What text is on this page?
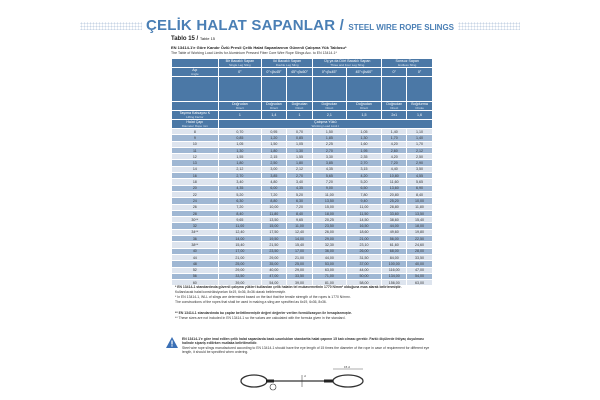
ÇELİK HALAT SAPANLAR / STEEL WIRE ROPE SLINGS
Tablo 15 / Table 15
EN 13414-1'e Göre Kandır Özlü Presli Çelik Halat Sapanlarının Güvenli Çalışma Yük Tablosu*
The Table of Working Load Limits for Aluminium Pressed Fiber Core Wire Rope Slings Acc. to EN 13414-1*
	Bir Bacaklı Sapan
Single Leg Sling	İki Bacaklı Sapan
Double Leg Sling		Üç ya da Dört Bacaklı Sapan
Three and Four Leg Sling		Sonsuz Sapan
Endless Sling	

Açı
Angle	0°	0°<β≤45°	45°<β≤60°	0°<β≤45°	45°<β≤60°	0°	0°

	Doğrudan
Direct	Doğrudan
Direct	Doğrudan
Direct	Doğrudan
Direct	Doğrudan
Direct	Doğrudan
Direct	Boğdurma
Choke

Taşıma Katsayısı K
Lifting Factor	1	1,4	1	2,1	1,5	2x1	1,6
Halat Çapı
Diameter Rope mm	Çalışma Yükü
Working Load Limit t						

8	0,70	0,95	0,70	1,50	1,05	1,40	1,10
9	0,85	1,20	0,85	1,85	1,30	1,70	1,40
10	1,05	1,50	1,05	2,25	1,60	4,20	1,70
11	1,30	1,80	1,30	2,70	1,95	2,60	2,12
12	1,55	2,15	1,55	3,30	2,35	4,20	2,50
13	1,80	2,50	1,80	3,85	2,70	7,20	2,90
14	2,12	3,00	2,12	4,35	3,15	4,40	3,50
16	2,70	3,85	2,70	5,65	4,20	10,80	4,55
18	3,40	4,80	3,40	7,20	5,20	11,60	5,65
20	4,35	6,00	4,35	9,00	6,50	13,60	6,90
22	5,20	7,20	5,20	11,00	7,80	20,80	8,40
24	6,30	8,80	6,30	13,50	9,40	25,20	10,00
26	7,20	10,00	7,20	15,00	11,00	28,80	11,80
28	8,40	11,80	8,40	18,00	11,50	33,60	13,50
30**	9,65	13,50	9,65	20,25	14,50	38,60	15,40
32	11,00	15,00	11,00	23,50	16,50	44,00	18,00
34**	12,40	17,50	12,40	26,00	18,60	49,60	19,80
36	14,00	19,50	14,00	29,00	21,00	56,00	22,50
38**	15,40	21,50	15,40	32,30	23,10	61,60	24,60
40	17,00	23,50	17,00	36,00	26,00	68,00	28,00
44	21,00	29,00	21,00	44,00	31,50	84,00	33,50
48	25,00	35,00	25,00	53,00	37,00	100,00	40,00
52	29,00	40,00	29,00	63,00	44,00	116,00	47,00
56	33,50	47,00	33,50	71,00	50,00	134,00	54,00
60	39,00	54,00	39,00	81,00	58,00	156,00	63,00
* EN 13414-1 standardında güvenli çalışma yükleri kullanılan çelik halatın tel mukavemetinin 1770 N/mm² olduğuna esas alarak belirlenmiştir.
Kullanılacak halat konstrüksiyonları 6x19, 6x36, 8x36 olarak belirlenmiştir.
* In EN 13414-1, WLL of slings are determined based on the fact that the tensile strength of the ropes is 1770 N/mm².
The constructions of the ropes that shall be used in making a sling are specified as 6x19, 6x36, 8x36.
** EN 13414-1 standardında bu çaplar belirtilmemiştir değeri değerler verilen formülizasyon ile hesaplanmıştır.
** These sizes are not included in EN 13414-1 so the values are calculated with the formula given in the standard.
EN 13414-1'e göre imal edilen çelik halat sapanlarda bask uzunlukları standartta halat çapının 15 katı olması gerekir. Farklı ölçülerde ihtiyaç duyulması halinde sipariş edilirken mutlaka belirtilmelidir.
Steel wire rope slings manufactured according to EN 13414-1 should have the eye length of 15 times the diameter of the rope in case of requirement for different eye length, it should be specified when ordering.
15 d
d
